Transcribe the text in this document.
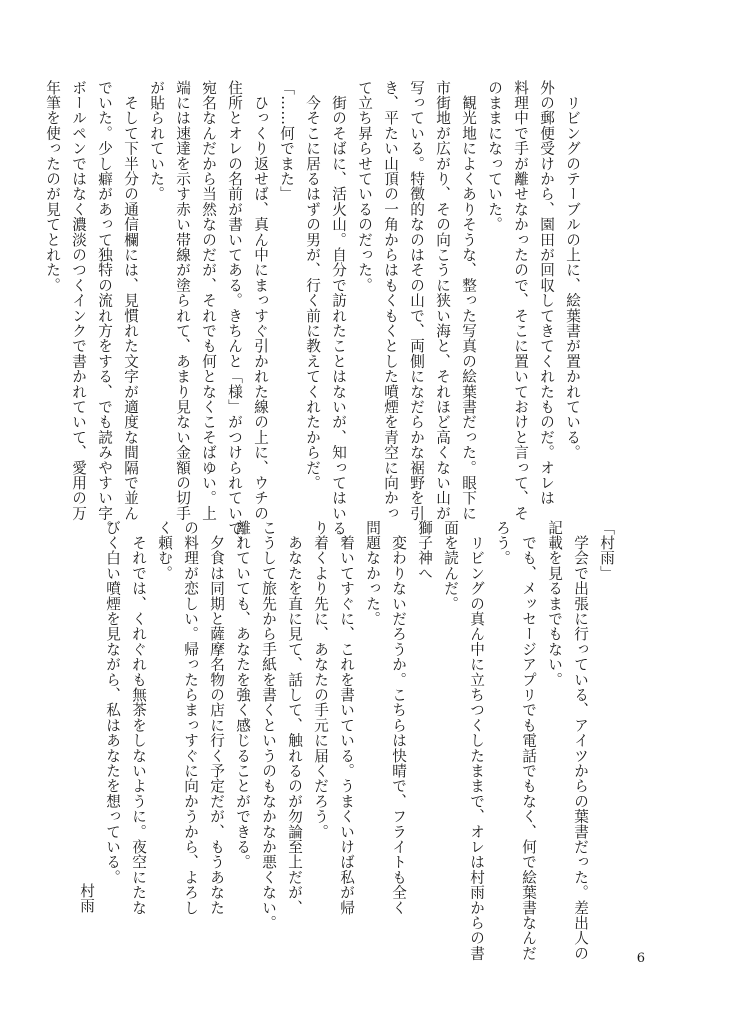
　リビングのテーブルの上に、絵葉書が置かれている。
外の郵便受けから、園田が回収してきてくれたものだ。オレは
料理中で手が離せなかったので、そこに置いておけと言って、そ
のままになっていた。
　観光地によくありそうな、整った写真の絵葉書だった。眼下に
市街地が広がり、その向こうに狭い海と、それほど高くない山が
写っている。特徴的なのはその山で、両側になだらかな裾野を引
き、平たい山頂の一角からはもくもくとした噴煙を青空に向かっ
て立ち昇らせているのだった。
　街のそばに、活火山。自分で訪れたことはないが、知ってはいる。
　今そこに居るはずの男が、行く前に教えてくれたからだ。
「……何でまた」
　ひっくり返せば、真ん中にまっすぐ引かれた線の上に、ウチの
住所とオレの名前が書いてある。きちんと「様」がつけられていて、
宛名なんだから当然なのだが、それでも何となくこそばゆい。上
端には速達を示す赤い帯線が塗られて、あまり見ない金額の切手
が貼られていた。
　そして下半分の通信欄には、見慣れた文字が適度な間隔で並ん
でいた。少し癖があって独特の流れ方をする、でも読みやすい字。
ボールペンではなく濃淡のつくインクで書かれていて、愛用の万
年筆を使ったのが見てとれた。
「村雨」
　学会で出張に行っている、アイツからの葉書だった。差出人の
記載を見るまでもない。
　でも、メッセージアプリでも電話でもなく、何で絵葉書なんだ
ろう。
　リビングの真ん中に立ちつくしたままで、オレは村雨からの書
面を読んだ。
獅子神へ
　変わりないだろうか。こちらは快晴で、フライトも全く
問題なかった。
　着いてすぐに、これを書いている。うまくいけば私が帰
り着くより先に、あなたの手元に届くだろう。
　あなたを直に見て、話して、触れるのが勿論至上だが、
こうして旅先から手紙を書くというのもなかなか悪くない。
離れていても、あなたを強く感じることができる。
　夕食は同期と薩摩名物の店に行く予定だが、もうあなた
の料理が恋しい。帰ったらまっすぐに向かうから、よろし
く頼む。
　それでは、くれぐれも無茶をしないように。夜空にたな
びく白い噴煙を見ながら、私はあなたを想っている。
村雨
6
